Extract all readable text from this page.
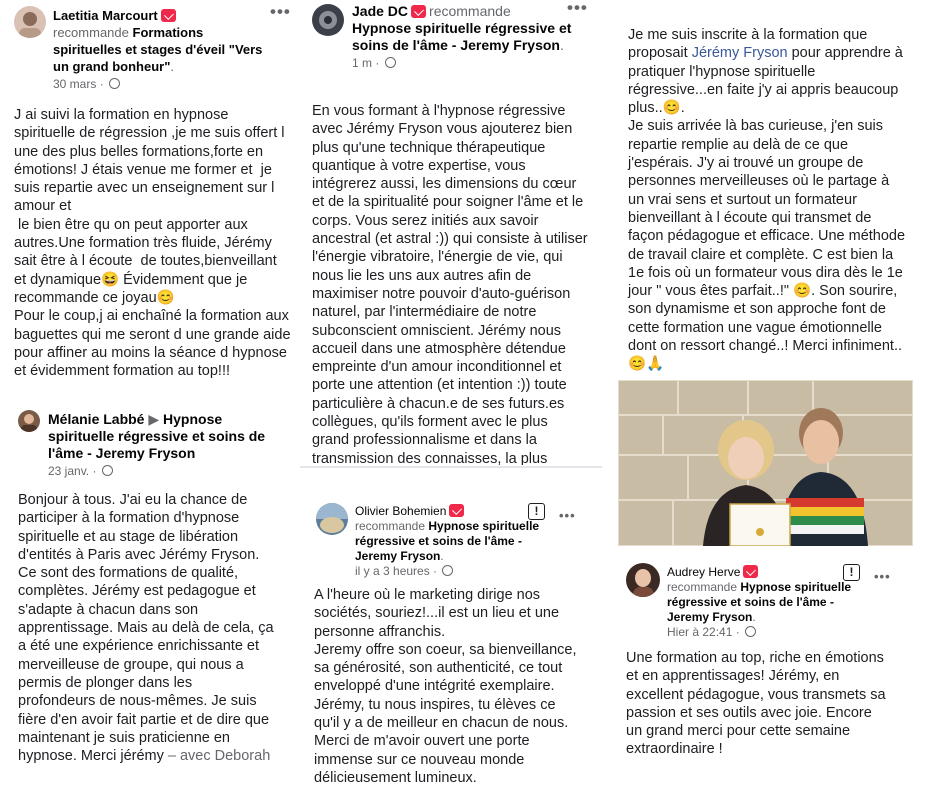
Laetitia Marcourt
recommande Formations spirituelles et stages d'éveil "Vers un grand bonheur".
30 mars ·
•••
J ai suivi la formation en hypnose
spirituelle de régression ,je me suis offert l
une des plus belles formations,forte en
émotions! J étais venue me former et  je
suis repartie avec un enseignement sur l
amour et
le bien être qu on peut apporter aux
autres.Une formation très fluide, Jérémy
sait être à l écoute  de toutes,bienveillant
et dynamique😆 Évidemment que je
recommande ce joyau😊
Pour le coup,j ai enchaîné la formation aux
baguettes qui me seront d une grande aide
pour affiner au moins la séance d hypnose
et évidemment formation au top!!!
Jade DC recommande
Hypnose spirituelle régressive et soins de l'âme - Jeremy Fryson.
1 m ·
•••
En vous formant à l'hypnose régressive
avec Jérémy Fryson vous ajouterez bien
plus qu'une technique thérapeutique
quantique à votre expertise, vous
intégrerez aussi, les dimensions du cœur
et de la spiritualité pour soigner l'âme et le
corps. Vous serez initiés aux savoir
ancestral (et astral :)) qui consiste à utiliser
l'énergie vibratoire, l'énergie de vie, qui
nous lie les uns aux autres afin de
maximiser notre pouvoir d'auto-guérison
naturel, par l'intermédiaire de notre
subconscient omniscient. Jérémy nous
accueil dans une atmosphère détendue
empreinte d'un amour inconditionnel et
porte une attention (et intention :)) toute
particulière à chacun.e de ses futurs.es
collègues, qu'ils forment avec le plus
grand professionnalisme et dans la
transmission des connaisses, la plus
Je me suis inscrite à la formation que
proposait Jérémy Fryson pour apprendre à
pratiquer l'hypnose spirituelle
régressive...en faite j'y ai appris beaucoup
plus..😊.
Je suis arrivée là bas curieuse, j'en suis
repartie remplie au delà de ce que
j'espérais. J'y ai trouvé un groupe de
personnes merveilleuses où le partage à
un vrai sens et surtout un formateur
bienveillant à l écoute qui transmet de
façon pédagogue et efficace. Une méthode
de travail claire et complète. C est bien la
1e fois où un formateur vous dira dès le 1e
jour " vous êtes parfait..!" 😊. Son sourire,
son dynamisme et son approche font de
cette formation une vague émotionnelle
dont on ressort changé..! Merci infiniment..
😊🙏
Mélanie Labbé ▶ Hypnose spirituelle régressive et soins de l'âme - Jeremy Fryson
23 janv. ·
Bonjour à tous. J'ai eu la chance de
participer à la formation d'hypnose
spirituelle et au stage de libération
d'entités à Paris avec Jérémy Fryson.
Ce sont des formations de qualité,
complètes. Jérémy est pedagogue et
s'adapte à chacun dans son
apprentissage. Mais au delà de cela, ça
a été une expérience enrichissante et
merveilleuse de groupe, qui nous a
permis de plonger dans les
profondeurs de nous-mêmes. Je suis
fière d'en avoir fait partie et de dire que
maintenant je suis praticienne en
hypnose. Merci jérémy – avec Deborah
Olivier Bohemien
recommande Hypnose spirituelle régressive et soins de l'âme - Jeremy Fryson.
il y a 3 heures ·
!	•••
A l'heure où le marketing dirige nos
sociétés, souriez!...il est un lieu et une
personne affranchis.
Jeremy offre son coeur, sa bienveillance,
sa générosité, son authenticité, ce tout
enveloppé d'une intégrité exemplaire.
Jérémy, tu nous inspires, tu élèves ce
qu'il y a de meilleur en chacun de nous.
Merci de m'avoir ouvert une porte
immense sur ce nouveau monde
délicieusement lumineux.
Audrey Herve
recommande Hypnose spirituelle régressive et soins de l'âme - Jeremy Fryson.
Hier à 22:41 ·
!	•••
Une formation au top, riche en émotions
et en apprentissages! Jérémy, en
excellent pédagogue, vous transmets sa
passion et ses outils avec joie. Encore
un grand merci pour cette semaine
extraordinaire !
